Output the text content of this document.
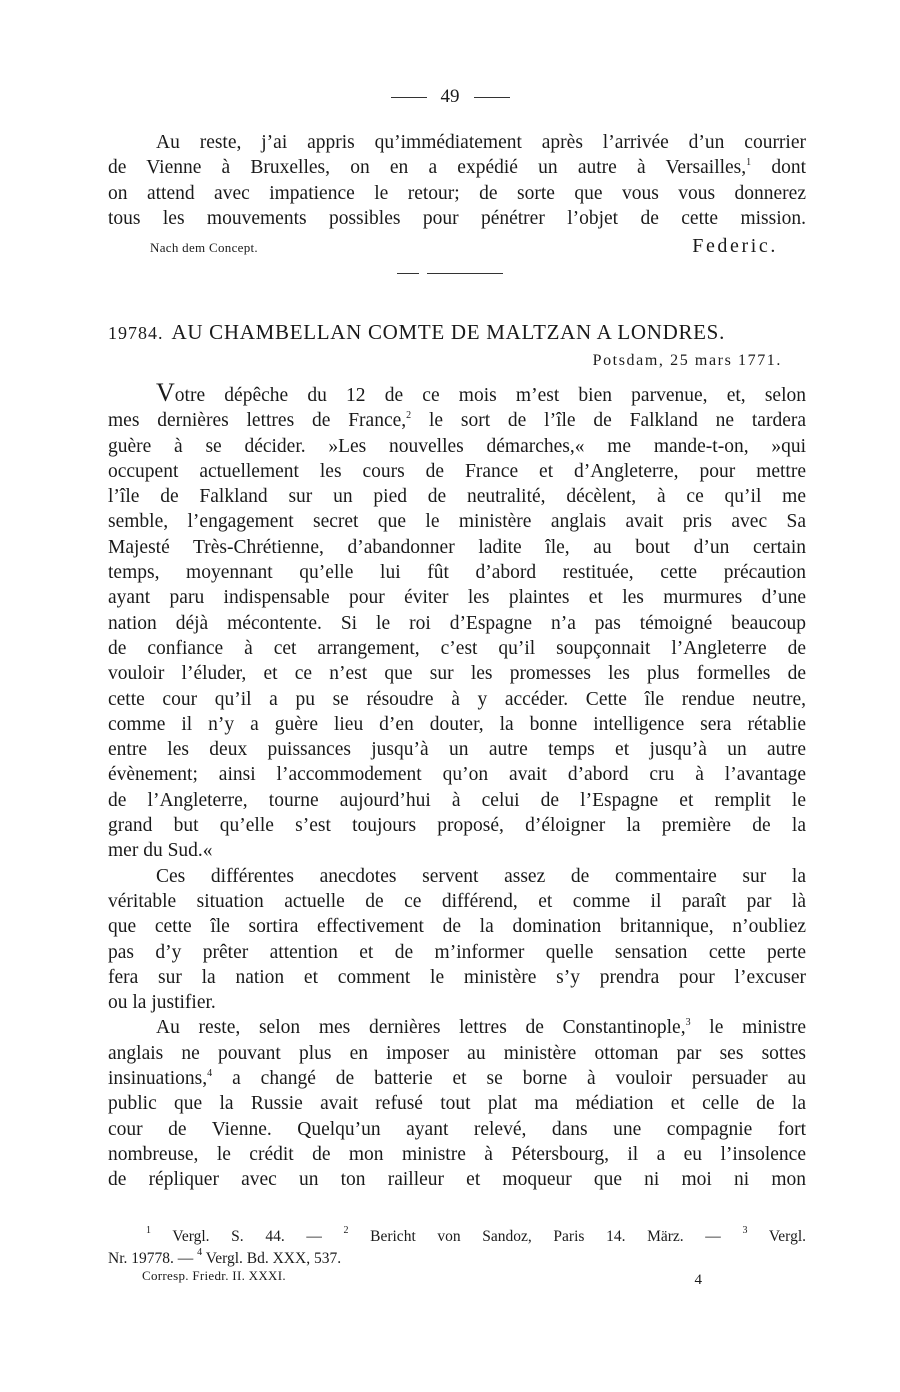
49
Au reste, j’ai appris qu’immédiatement après l’arrivée d’un courrier
de Vienne à Bruxelles, on en a expédié un autre à Versailles,$^1$ dont
on attend avec impatience le retour; de sorte que vous vous donnerez
tous les mouvements possibles pour pénétrer l’objet de cette mission.
Nach dem Concept.	Federic.
19784. AU CHAMBELLAN COMTE DE MALTZAN A LONDRES.
Potsdam, 25 mars 1771.
Votre dépêche du 12 de ce mois m’est bien parvenue, et, selon
mes dernières lettres de France,$^2$ le sort de l’île de Falkland ne tardera
guère à se décider. »Les nouvelles démarches,« me mande-t-on, »qui
occupent actuellement les cours de France et d’Angleterre, pour mettre
l’île de Falkland sur un pied de neutralité, décèlent, à ce qu’il me
semble, l’engagement secret que le ministère anglais avait pris avec Sa
Majesté Très-Chrétienne, d’abandonner ladite île, au bout d’un certain
temps, moyennant qu’elle lui fût d’abord restituée, cette précaution
ayant paru indispensable pour éviter les plaintes et les murmures d’une
nation déjà mécontente. Si le roi d’Espagne n’a pas témoigné beaucoup
de confiance à cet arrangement, c’est qu’il soupçonnait l’Angleterre de
vouloir l’éluder, et ce n’est que sur les promesses les plus formelles de
cette cour qu’il a pu se résoudre à y accéder. Cette île rendue neutre,
comme il n’y a guère lieu d’en douter, la bonne intelligence sera rétablie
entre les deux puissances jusqu’à un autre temps et jusqu’à un autre
évènement; ainsi l’accommodement qu’on avait d’abord cru à l’avantage
de l’Angleterre, tourne aujourd’hui à celui de l’Espagne et remplit le
grand but qu’elle s’est toujours proposé, d’éloigner la première de la
mer du Sud.«
Ces différentes anecdotes servent assez de commentaire sur la
véritable situation actuelle de ce différend, et comme il paraît par là
que cette île sortira effectivement de la domination britannique, n’oubliez
pas d’y prêter attention et de m’informer quelle sensation cette perte
fera sur la nation et comment le ministère s’y prendra pour l’excuser
ou la justifier.
Au reste, selon mes dernières lettres de Constantinople,$^3$ le ministre
anglais ne pouvant plus en imposer au ministère ottoman par ses sottes
insinuations,$^4$ a changé de batterie et se borne à vouloir persuader au
public que la Russie avait refusé tout plat ma médiation et celle de la
cour de Vienne. Quelqu’un ayant relevé, dans une compagnie fort
nombreuse, le crédit de mon ministre à Pétersbourg, il a eu l’insolence
de répliquer avec un ton railleur et moqueur que ni moi ni mon
$^1$ Vergl. S. 44. — $^2$ Bericht von Sandoz, Paris 14. März. — $^3$ Vergl.
Nr. 19778. — $^4$ Vergl. Bd. XXX, 537.
Corresp. Friedr. II. XXXI.	4
